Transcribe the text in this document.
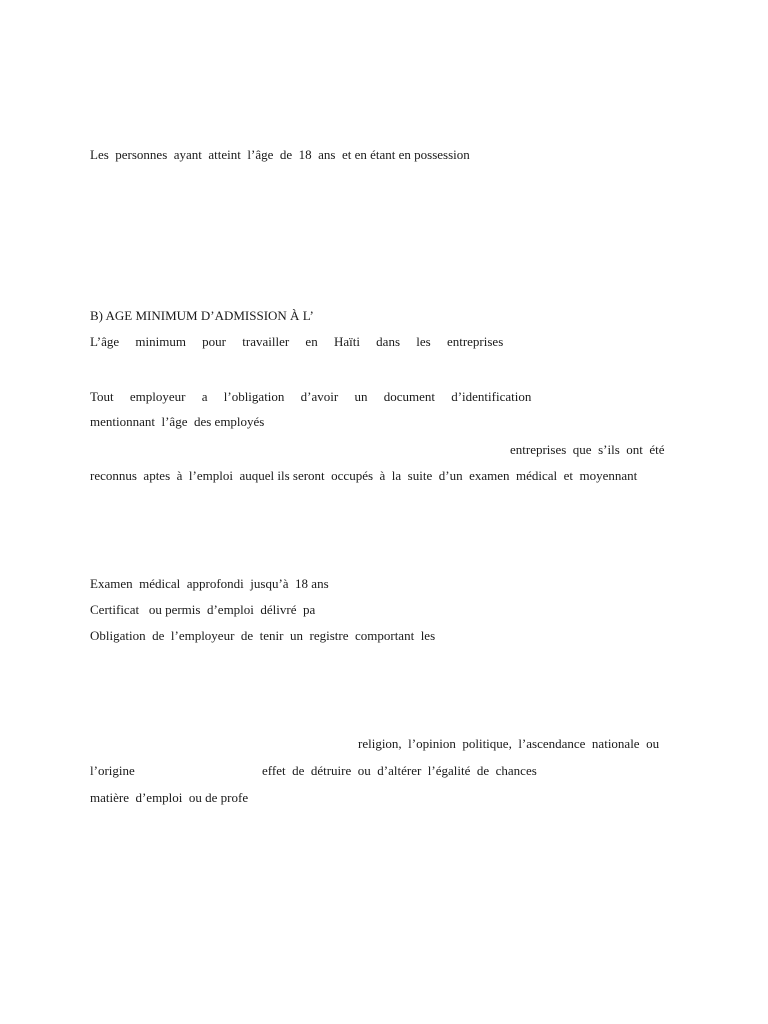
Les  personnes  ayant  atteint  l’âge  de  18  ans  et en étant en possession
B) AGE MINIMUM D’ADMISSION À L’
L’âge     minimum     pour     travailler     en     Haïti     dans     les     entreprises
Tout     employeur     a     l’obligation     d’avoir     un     document     d’identification
mentionnant  l’âge  des employés
entreprises  que  s’ils  ont  été
reconnus  aptes  à  l’emploi  auquel ils seront  occupés  à  la  suite  d’un  examen  médical  et  moyennant
Examen  médical  approfondi  jusqu’à  18 ans
Certificat   ou permis  d’emploi  délivré  pa
Obligation  de  l’employeur  de  tenir  un  registre  comportant  les
religion,  l’opinion  politique,  l’ascendance  nationale  ou
l’origine	effet  de  détruire  ou  d’altérer  l’égalité  de  chances
matière  d’emploi  ou de profe
